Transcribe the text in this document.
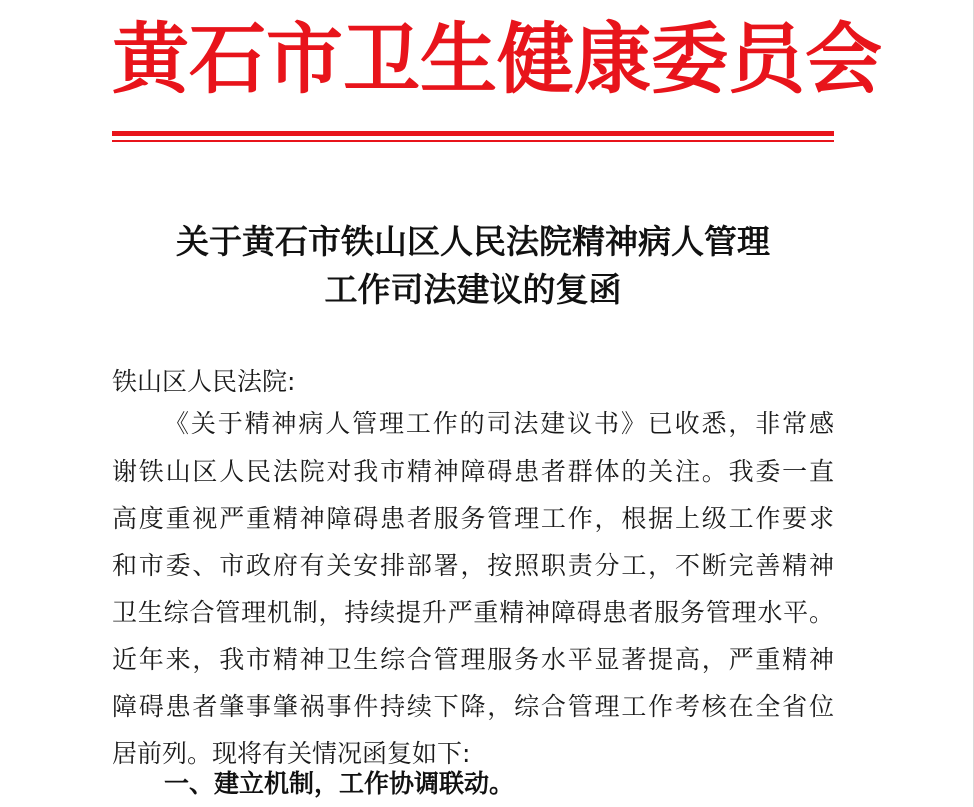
黄石市卫生健康委员会
关于黄石市铁山区人民法院精神病人管理
工作司法建议的复函
铁山区人民法院:
《关于精神病人管理工作的司法建议书》已收悉，非常感
谢铁山区人民法院对我市精神障碍患者群体的关注。我委一直
高度重视严重精神障碍患者服务管理工作，根据上级工作要求
和市委、市政府有关安排部署，按照职责分工，不断完善精神
卫生综合管理机制，持续提升严重精神障碍患者服务管理水平。
近年来，我市精神卫生综合管理服务水平显著提高，严重精神
障碍患者肇事肇祸事件持续下降，综合管理工作考核在全省位
居前列。现将有关情况函复如下:
一、建立机制，工作协调联动。
